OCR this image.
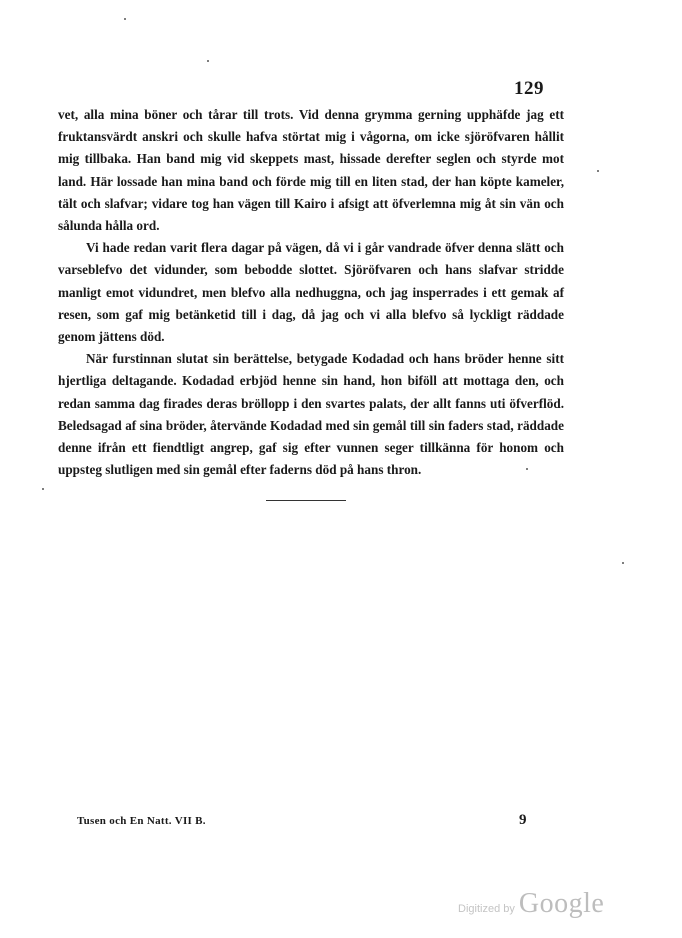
129

vet, alla mina böner och tårar till trots. Vid denna grymma gerning upphäfde jag ett fruktansvärdt anskri och skulle hafva störtat mig i vågorna, om icke sjöröfvaren hållit mig tillbaka. Han band mig vid skeppets mast, hissade derefter seglen och styrde mot land. Här lossade han mina band och förde mig till en liten stad, der han köpte kameler, tält och slafvar; vidare tog han vägen till Kairo i afsigt att öfverlemna mig åt sin vän och sålunda hålla ord.

Vi hade redan varit flera dagar på vägen, då vi i går vandrade öfver denna slätt och varseblefvo det vidunder, som bebodde slottet. Sjöröfvaren och hans slafvar stridde manligt emot vidundret, men blefvo alla nedhuggna, och jag insperrades i ett gemak af resen, som gaf mig betänketid till i dag, då jag och vi alla blefvo så lyckligt räddade genom jättens död.

När furstinnan slutat sin berättelse, betygade Kodadad och hans bröder henne sitt hjertliga deltagande. Kodadad erbjöd henne sin hand, hon biföll att mottaga den, och redan samma dag firades deras bröllopp i den svartes palats, der allt fanns uti öfverflöd. Beledsagad af sina bröder, återvände Kodadad med sin gemål till sin faders stad, räddade denne ifrån ett fiendtligt angrep, gaf sig efter vunnen seger tillkänna för honom och uppsteg slutligen med sin gemål efter faderns död på hans thron.

Tusen och En Natt. VII B.	9
Digitized by Google
